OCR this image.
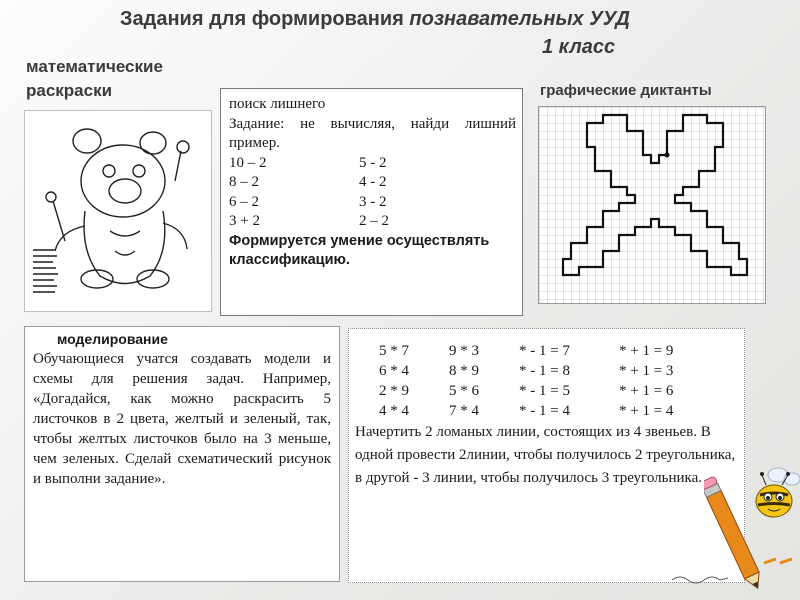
Задания для формирования познавательных УУД
1 класс
математические
раскраски
поиск лишнего
Задание: не вычисляя, найди лишний пример.
10 – 2	5 - 2
8 – 2	4 - 2
6 – 2	3 - 2
3 + 2	2 – 2
Формируется умение осуществлять классификацию.
графические диктанты
моделирование
Обучающиеся учатся создавать модели и схемы для решения задач. Например, «Догадайся, как можно раскрасить 5 листочков в 2 цвета, желтый и зеленый, так, чтобы желтых листочков было на 3 меньше, чем зеленых. Сделай схематический рисунок и выполни задание».
5 * 7	9 * 3	* - 1 = 7	* + 1 = 9
6 * 4	8 * 9	* - 1 = 8	* + 1 = 3
2 * 9	5 * 6	* - 1 = 5	* + 1 = 6
4 * 4	7 * 4	* - 1 = 4	* + 1 = 4
Начертить 2 ломаных линии, состоящих из 4 звеньев. В одной провести 2линии, чтобы получилось 2 треугольника, в другой - 3 линии, чтобы получилось 3 треугольника.
